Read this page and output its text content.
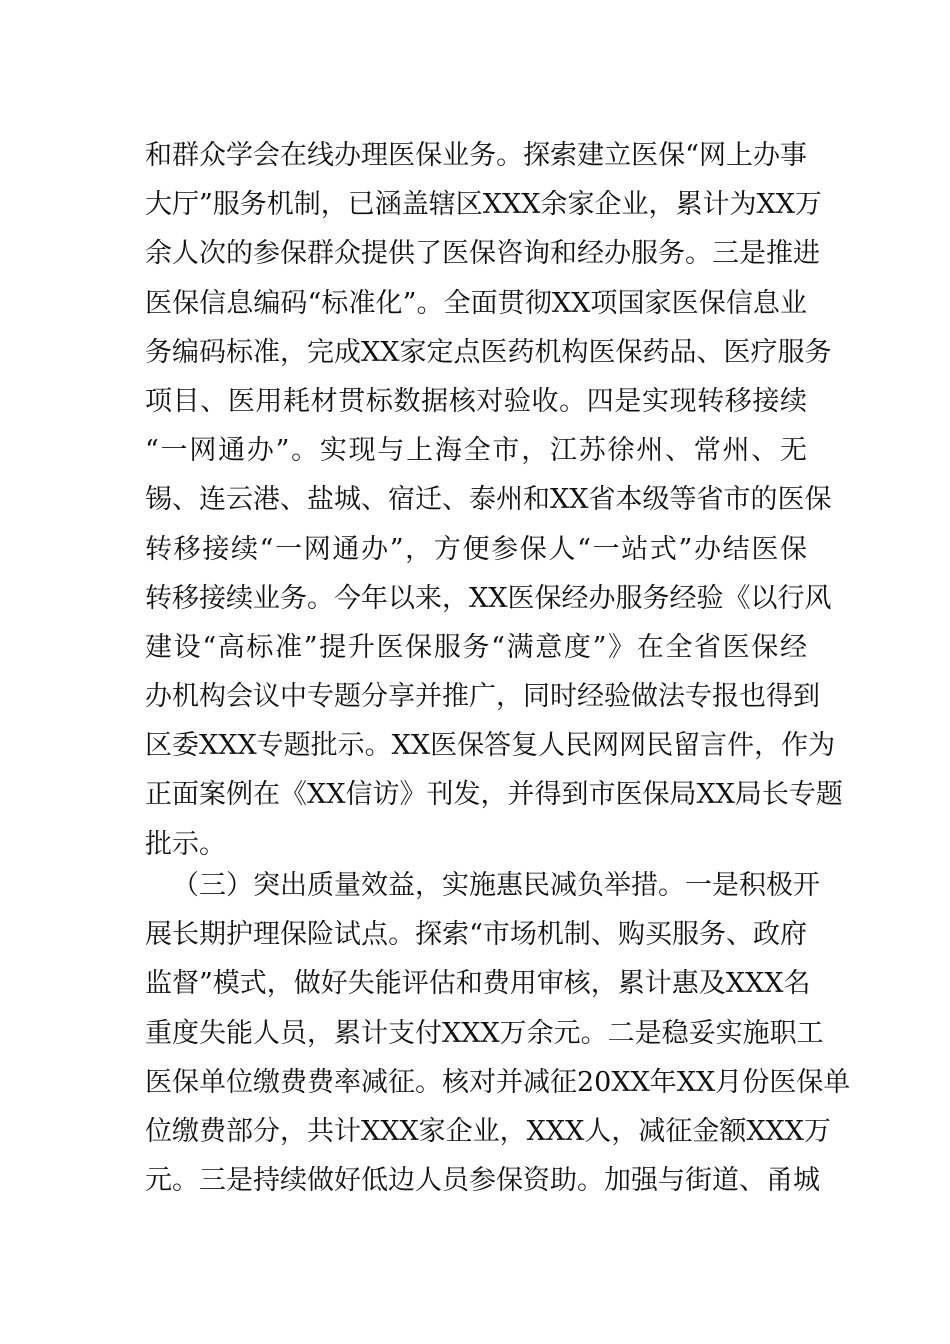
和群众学会在线办理医保业务。探索建立医保“网上办事
大厅”服务机制，已涵盖辖区XXX余家企业，累计为XX万
余人次的参保群众提供了医保咨询和经办服务。三是推进
医保信息编码“标准化”。全面贯彻XX项国家医保信息业
务编码标准，完成XX家定点医药机构医保药品、医疗服务
项目、医用耗材贯标数据核对验收。四是实现转移接续
“一网通办”。实现与上海全市，江苏徐州、常州、无
锡、连云港、盐城、宿迁、泰州和XX省本级等省市的医保
转移接续“一网通办”，方便参保人“一站式”办结医保
转移接续业务。今年以来，XX医保经办服务经验《以行风
建设“高标准”提升医保服务“满意度”》在全省医保经
办机构会议中专题分享并推广，同时经验做法专报也得到
区委XXX专题批示。XX医保答复人民网网民留言件，作为
正面案例在《XX信访》刊发，并得到市医保局XX局长专题
批示。
（三）突出质量效益，实施惠民减负举措。一是积极开
展长期护理保险试点。探索“市场机制、购买服务、政府
监督”模式，做好失能评估和费用审核，累计惠及XXX名
重度失能人员，累计支付XXX万余元。二是稳妥实施职工
医保单位缴费费率减征。核对并减征20XX年XX月份医保单
位缴费部分，共计XXX家企业，XXX人，减征金额XXX万
元。三是持续做好低边人员参保资助。加强与街道、甬城
